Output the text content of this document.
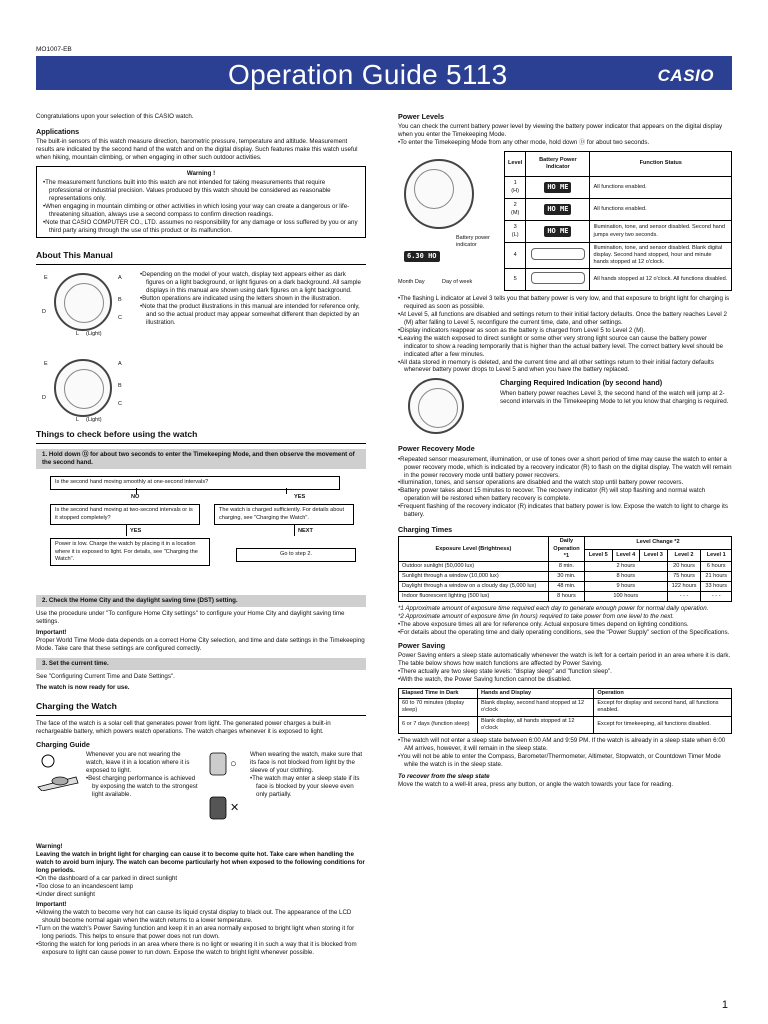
MO1007-EB
Operation Guide 5113	CASIO

Congratulations upon your selection of this CASIO watch.

Applications

The built-in sensors of this watch measure direction, barometric pressure, temperature and altitude. Measurement results are indicated by the second hand of the watch and on the digital display. Such features make this watch useful when hiking, mountain climbing, or when engaging in other such outdoor activities.

Warning !
• The measurement functions built into this watch are not intended for taking measurements that require professional or industrial precision. Values produced by this watch should be considered as reasonable representations only.
• When engaging in mountain climbing or other activities in which losing your way can create a dangerous or life-threatening situation, always use a second compass to confirm direction readings.
• Note that CASIO COMPUTER CO., LTD. assumes no responsibility for any damage or loss suffered by you or any third party arising through the use of this product or its malfunction.
About This Manual
E	A
B
D
C
L (Light)
E	A
B
D
C
L (Light)
• Depending on the model of your watch, display text appears either as dark figures on a light background, or light figures on a dark background. All sample displays in this manual are shown using dark figures on a light background.
• Button operations are indicated using the letters shown in the illustration.
• Note that the product illustrations in this manual are intended for reference only, and so the actual product may appear somewhat different than depicted by an illustration.
Things to check before using the watch
1. Hold down Ⓓ for about two seconds to enter the Timekeeping Mode, and then observe the movement of the second hand.
Is the second hand moving smoothly at one-second intervals?
NO	YES
Is the second hand moving at two-second intervals or is it stopped completely?
The watch is charged sufficiently. For details about charging, see "Charging the Watch".
YES	NEXT
Power is low. Charge the watch by placing it in a location where it is exposed to light. For details, see "Charging the Watch".
Go to step 2.
2. Check the Home City and the daylight saving time (DST) setting.

Use the procedure under "To configure Home City settings" to configure your Home City and daylight saving time settings.

Important!

Proper World Time Mode data depends on a correct Home City selection, and time and date settings in the Timekeeping Mode. Take care that these settings are configured correctly.

3. Set the current time.

See "Configuring Current Time and Date Settings".

The watch is now ready for use.

Charging the Watch

The face of the watch is a solar cell that generates power from light. The generated power charges a built-in rechargeable battery, which powers watch operations. The watch charges whenever it is exposed to light.

Charging Guide

Whenever you are not wearing the watch, leave it in a location where it is exposed to light.

• Best charging performance is achieved by exposing the watch to the strongest light available.
○
✕

When wearing the watch, make sure that its face is not blocked from light by the sleeve of your clothing.

• The watch may enter a sleep state if its face is blocked by your sleeve even only partially.

Warning!

Leaving the watch in bright light for charging can cause it to become quite hot. Take care when handling the watch to avoid burn injury. The watch can become particularly hot when exposed to the following conditions for long periods.

• On the dashboard of a car parked in direct sunlight
• Too close to an incandescent lamp
• Under direct sunlight

Important!

• Allowing the watch to become very hot can cause its liquid crystal display to black out. The appearance of the LCD should become normal again when the watch returns to a lower temperature.
• Turn on the watch's Power Saving function and keep it in an area normally exposed to bright light when storing it for long periods. This helps to ensure that power does not run down.
• Storing the watch for long periods in an area where there is no light or wearing it in such a way that it is blocked from exposure to light can cause power to run down. Expose the watch to bright light whenever possible.
Power Levels

You can check the current battery power level by viewing the battery power indicator that appears on the digital display when you enter the Timekeeping Mode.

• To enter the Timekeeping Mode from any other mode, hold down Ⓓ for about two seconds.
6.30 HO
Battery power indicator
Month Day	Day of week
Level	Battery Power Indicator	Function Status
1
(H)	HO ME	All functions enabled.
2
(M)	HO ME	All functions enabled.
3
(L)	HO ME	Illumination, tone, and sensor disabled. Second hand jumps every two seconds.
4		Illumination, tone, and sensor disabled. Blank digital display. Second hand stopped, hour and minute hands stopped at 12 o'clock.
5		All hands stopped at 12 o'clock. All functions disabled.
• The flashing L indicator at Level 3 tells you that battery power is very low, and that exposure to bright light for charging is required as soon as possible.
• At Level 5, all functions are disabled and settings return to their initial factory defaults. Once the battery reaches Level 2 (M) after falling to Level 5, reconfigure the current time, date, and other settings.
• Display indicators reappear as soon as the battery is charged from Level 5 to Level 2 (M).
• Leaving the watch exposed to direct sunlight or some other very strong light source can cause the battery power indicator to show a reading temporarily that is higher than the actual battery level. The correct battery level should be indicated after a few minutes.
• All data stored in memory is deleted, and the current time and all other settings return to their initial factory defaults whenever battery power drops to Level 5 and when you have the battery replaced.
Charging Required Indication (by second hand)

When battery power reaches Level 3, the second hand of the watch will jump at 2-second intervals in the Timekeeping Mode to let you know that charging is required.

Power Recovery Mode
• Repeated sensor measurement, illumination, or use of tones over a short period of time may cause the watch to enter a power recovery mode, which is indicated by a recovery indicator (R) to flash on the digital display. The watch will remain in the power recovery mode until battery power recovers.
• Illumination, tones, and sensor operations are disabled and the watch stop until battery power recovers.
• Battery power takes about 15 minutes to recover. The recovery indicator (R) will stop flashing and normal watch operation will be restored when battery recovery is complete.
• Frequent flashing of the recovery indicator (R) indicates that battery power is low. Expose the watch to light to charge its battery.
Charging Times
Exposure Level (Brightness)	Daily Operation *1	Level Change *2				
		Level 5	Level 4	Level 3	Level 2	Level 1
Outdoor sunlight (50,000 lux)	8 min.	2 hours			20 hours	6 hours
Sunlight through a window (10,000 lux)	30 min.	8 hours			75 hours	21 hours
Daylight through a window on a cloudy day (5,000 lux)	48 min.	9 hours			122 hours	33 hours
Indoor fluorescent lighting (500 lux)	8 hours	100 hours			- - -	- - -

*1 Approximate amount of exposure time required each day to generate enough power for normal daily operation.

*2 Approximate amount of exposure time (in hours) required to take power from one level to the next.

• The above exposure times all are for reference only. Actual exposure times depend on lighting conditions.
• For details about the operating time and daily operating conditions, see the "Power Supply" section of the Specifications.
Power Saving

Power Saving enters a sleep state automatically whenever the watch is left for a certain period in an area where it is dark. The table below shows how watch functions are affected by Power Saving.

• There actually are two sleep state levels: "display sleep" and "function sleep".
• With the watch, the Power Saving function cannot be disabled.
Elapsed Time in Dark	Hands and Display	Operation
60 to 70 minutes (display sleep)	Blank display, second hand stopped at 12 o'clock	Except for display and second hand, all functions enabled.
6 or 7 days (function sleep)	Blank display, all hands stopped at 12 o'clock	Except for timekeeping, all functions disabled.
• The watch will not enter a sleep state between 6:00 AM and 9:59 PM. If the watch is already in a sleep state when 6:00 AM arrives, however, it will remain in the sleep state.
• You will not be able to enter the Compass, Barometer/Thermometer, Altimeter, Stopwatch, or Countdown Timer Mode while the watch is in the sleep state.

To recover from the sleep state

Move the watch to a well-lit area, press any button, or angle the watch towards your face for reading.

1
